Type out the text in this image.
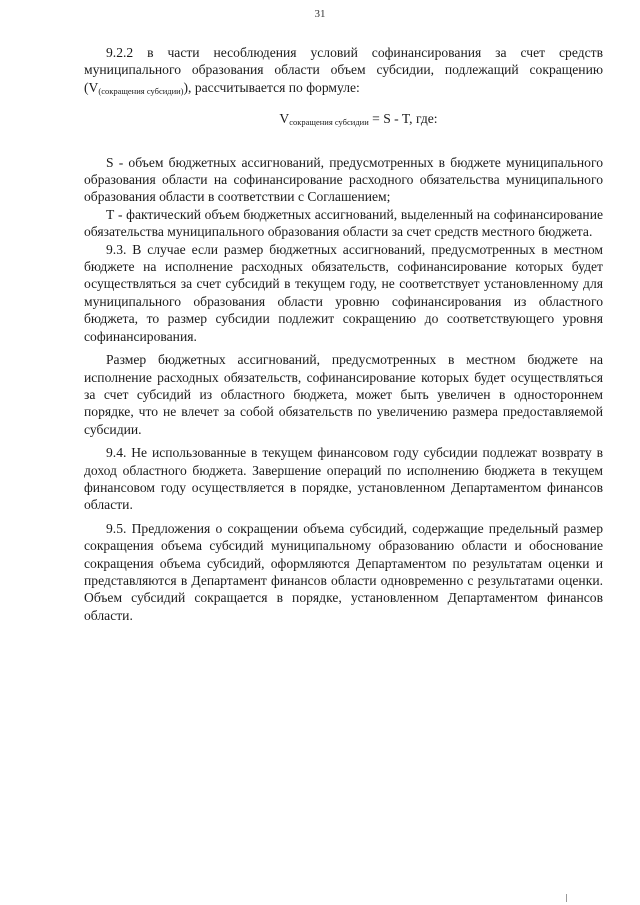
31

9.2.2 в части несоблюдения условий софинансирования за счет средств муниципального образования области объем субсидии, подлежащий сокращению (V(сокращения субсидии)), рассчитывается по формуле:

$V_{сокращения субсидии} = S - T$, где:

S - объем бюджетных ассигнований, предусмотренных в бюджете муниципального образования области на софинансирование расходного обязательства муниципального образования области в соответствии с Соглашением;

Т - фактический объем бюджетных ассигнований, выделенный на софинансирование обязательства муниципального образования области за счет средств местного бюджета.

9.3. В случае если размер бюджетных ассигнований, предусмотренных в местном бюджете на исполнение расходных обязательств, софинансирование которых будет осуществляться за счет субсидий в текущем году, не соответствует установленному для муниципального образования области уровню софинансирования из областного бюджета, то размер субсидии подлежит сокращению до соответствующего уровня софинансирования.

Размер бюджетных ассигнований, предусмотренных в местном бюджете на исполнение расходных обязательств, софинансирование которых будет осуществляться за счет субсидий из областного бюджета, может быть увеличен в одностороннем порядке, что не влечет за собой обязательств по увеличению размера предоставляемой субсидии.

9.4. Не использованные в текущем финансовом году субсидии подлежат возврату в доход областного бюджета. Завершение операций по исполнению бюджета в текущем финансовом году осуществляется в порядке, установленном Департаментом финансов области.

9.5. Предложения о сокращении объема субсидий, содержащие предельный размер сокращения объема субсидий муниципальному образованию области и обоснование сокращения объема субсидий, оформляются Департаментом по результатам оценки и представляются в Департамент финансов области одновременно с результатами оценки. Объем субсидий сокращается в порядке, установленном Департаментом финансов области.
